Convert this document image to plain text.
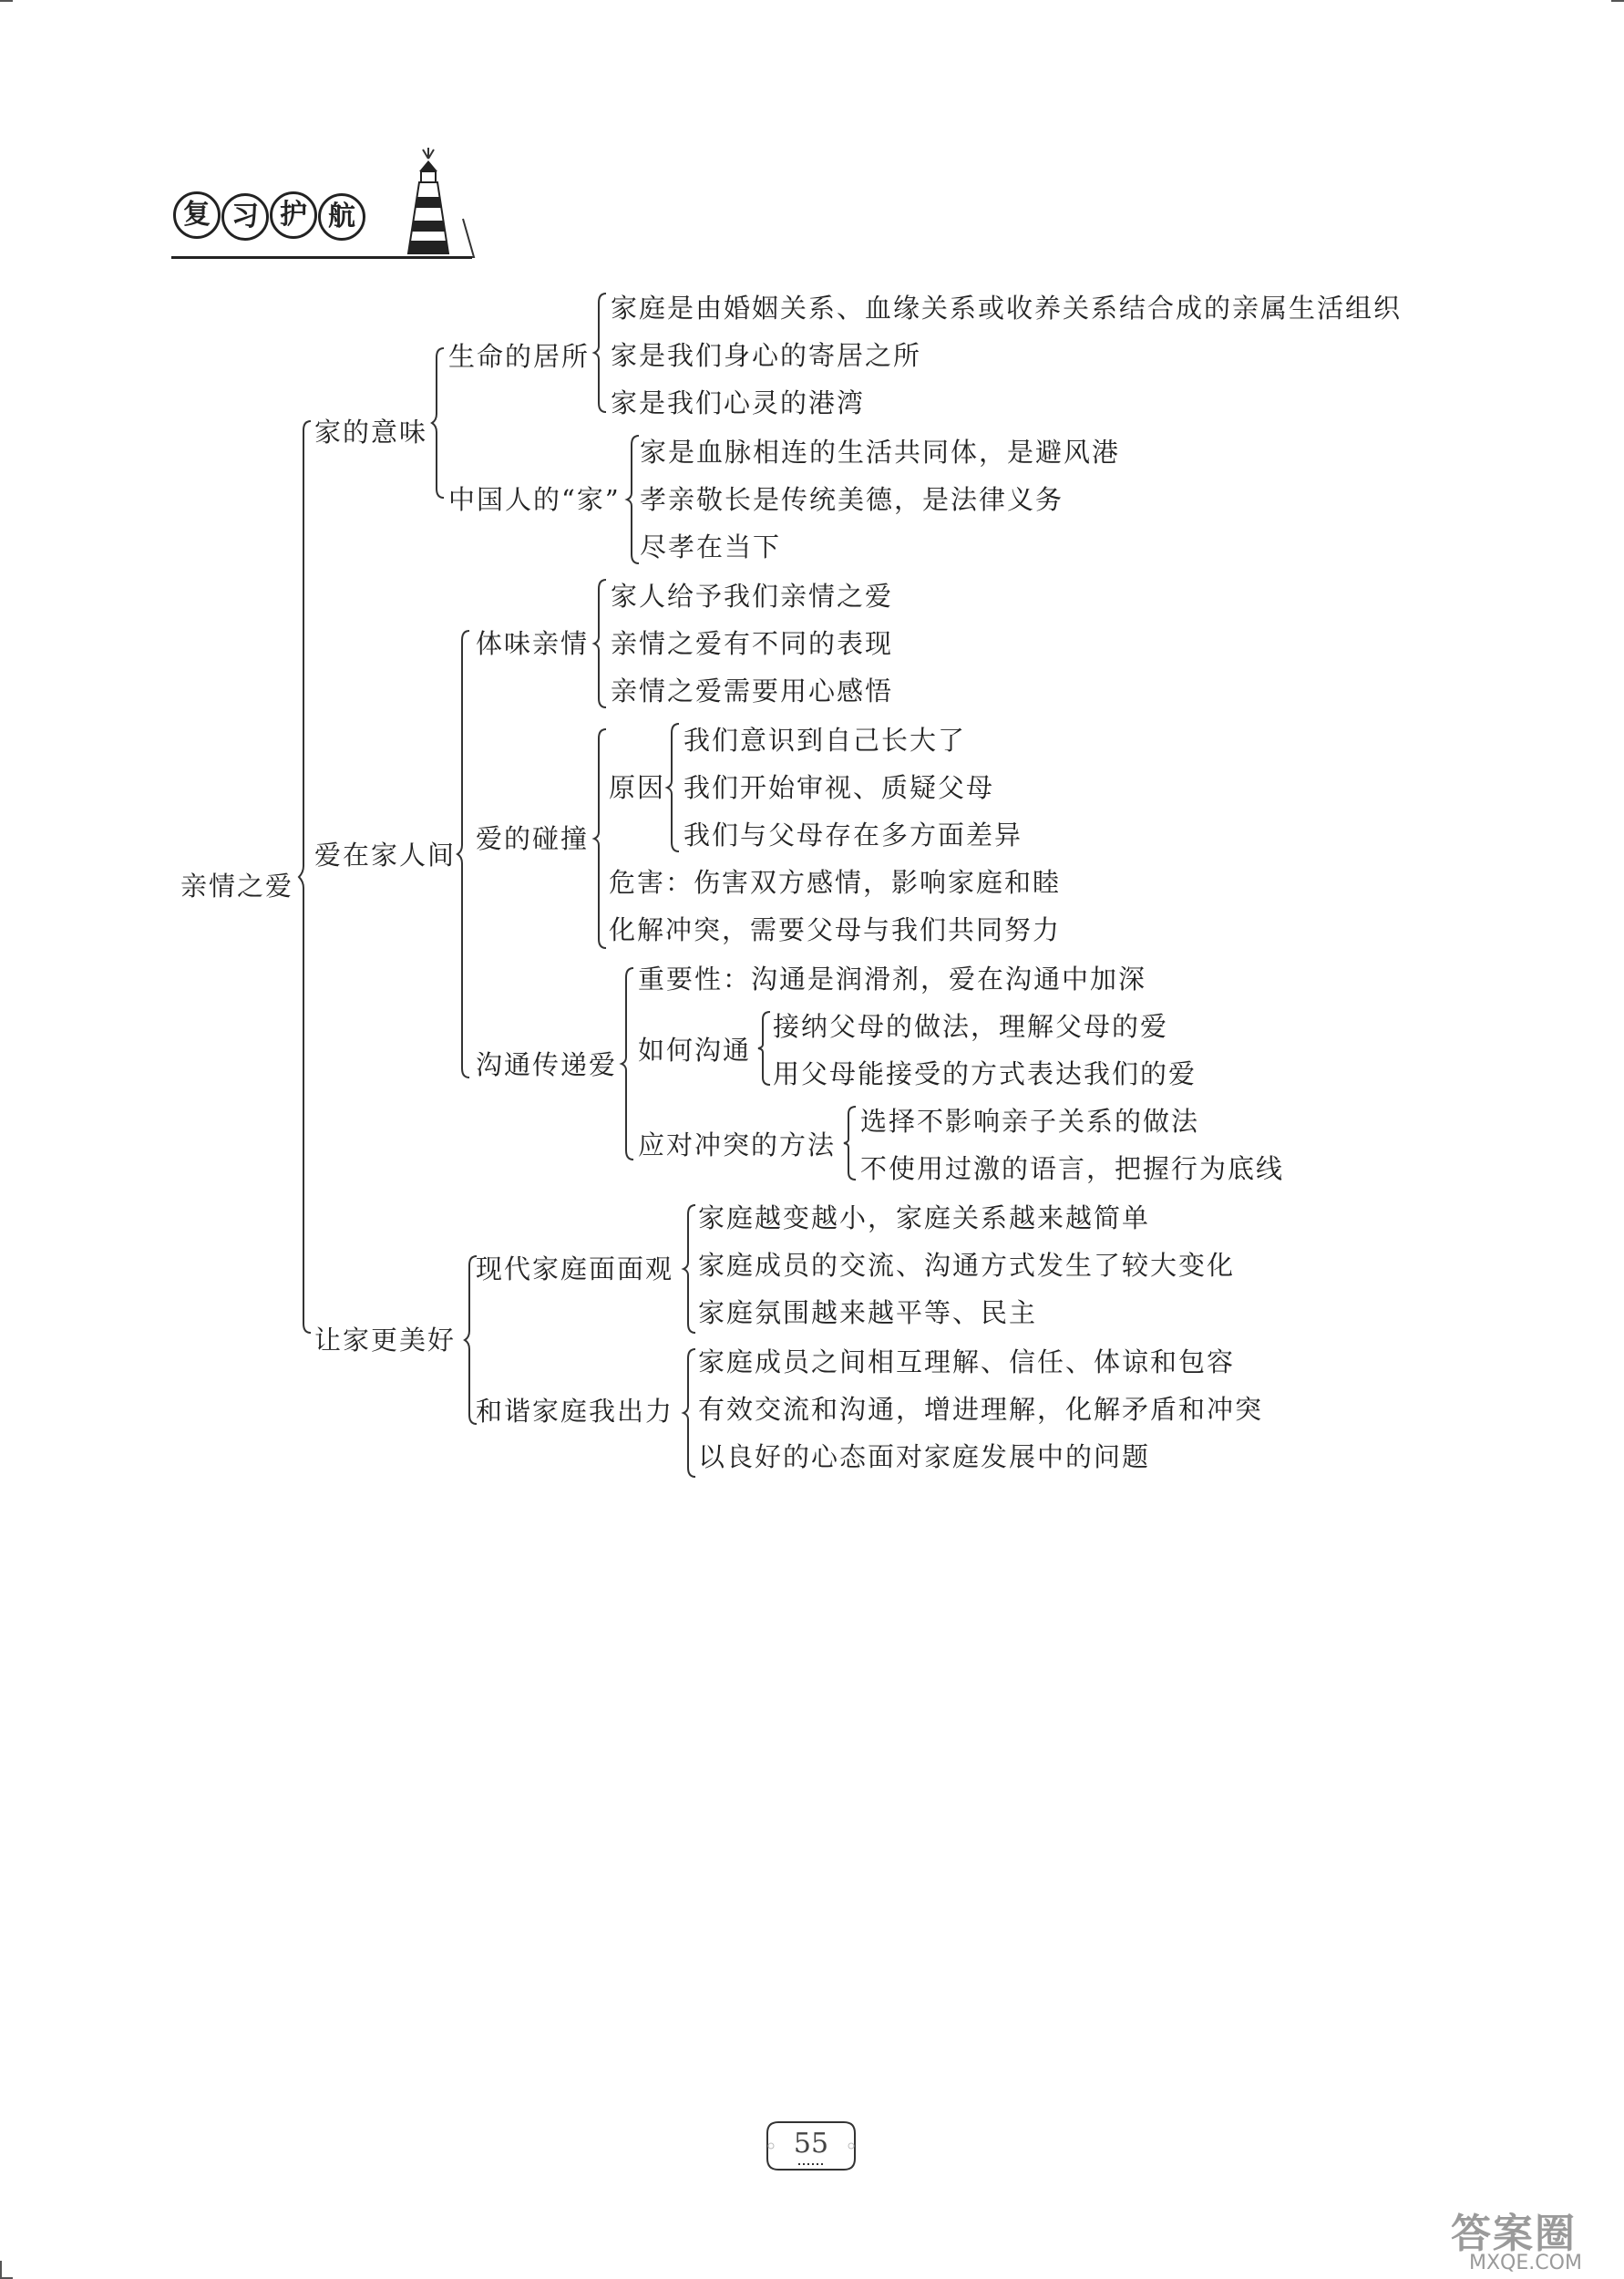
复 习 护 航
亲情之爱
家的意味
爱在家人间
让家更美好
生命的居所
中国人的“家”
体味亲情
爱的碰撞
沟通传递爱
现代家庭面面观
和谐家庭我出力
原因
如何沟通
应对冲突的方法
家庭是由婚姻关系、血缘关系或收养关系结合成的亲属生活组织
家是我们身心的寄居之所
家是我们心灵的港湾
家是血脉相连的生活共同体，是避风港
孝亲敬长是传统美德，是法律义务
尽孝在当下
家人给予我们亲情之爱
亲情之爱有不同的表现
亲情之爱需要用心感悟
我们意识到自己长大了
我们开始审视、质疑父母
我们与父母存在多方面差异
危害：伤害双方感情，影响家庭和睦
化解冲突，需要父母与我们共同努力
重要性：沟通是润滑剂，爱在沟通中加深
接纳父母的做法，理解父母的爱
用父母能接受的方式表达我们的爱
选择不影响亲子关系的做法
不使用过激的语言，把握行为底线
家庭越变越小，家庭关系越来越简单
家庭成员的交流、沟通方式发生了较大变化
家庭氛围越来越平等、民主
家庭成员之间相互理解、信任、体谅和包容
有效交流和沟通，增进理解，化解矛盾和冲突
以良好的心态面对家庭发展中的问题
55
答案圈
MXQE.COM
